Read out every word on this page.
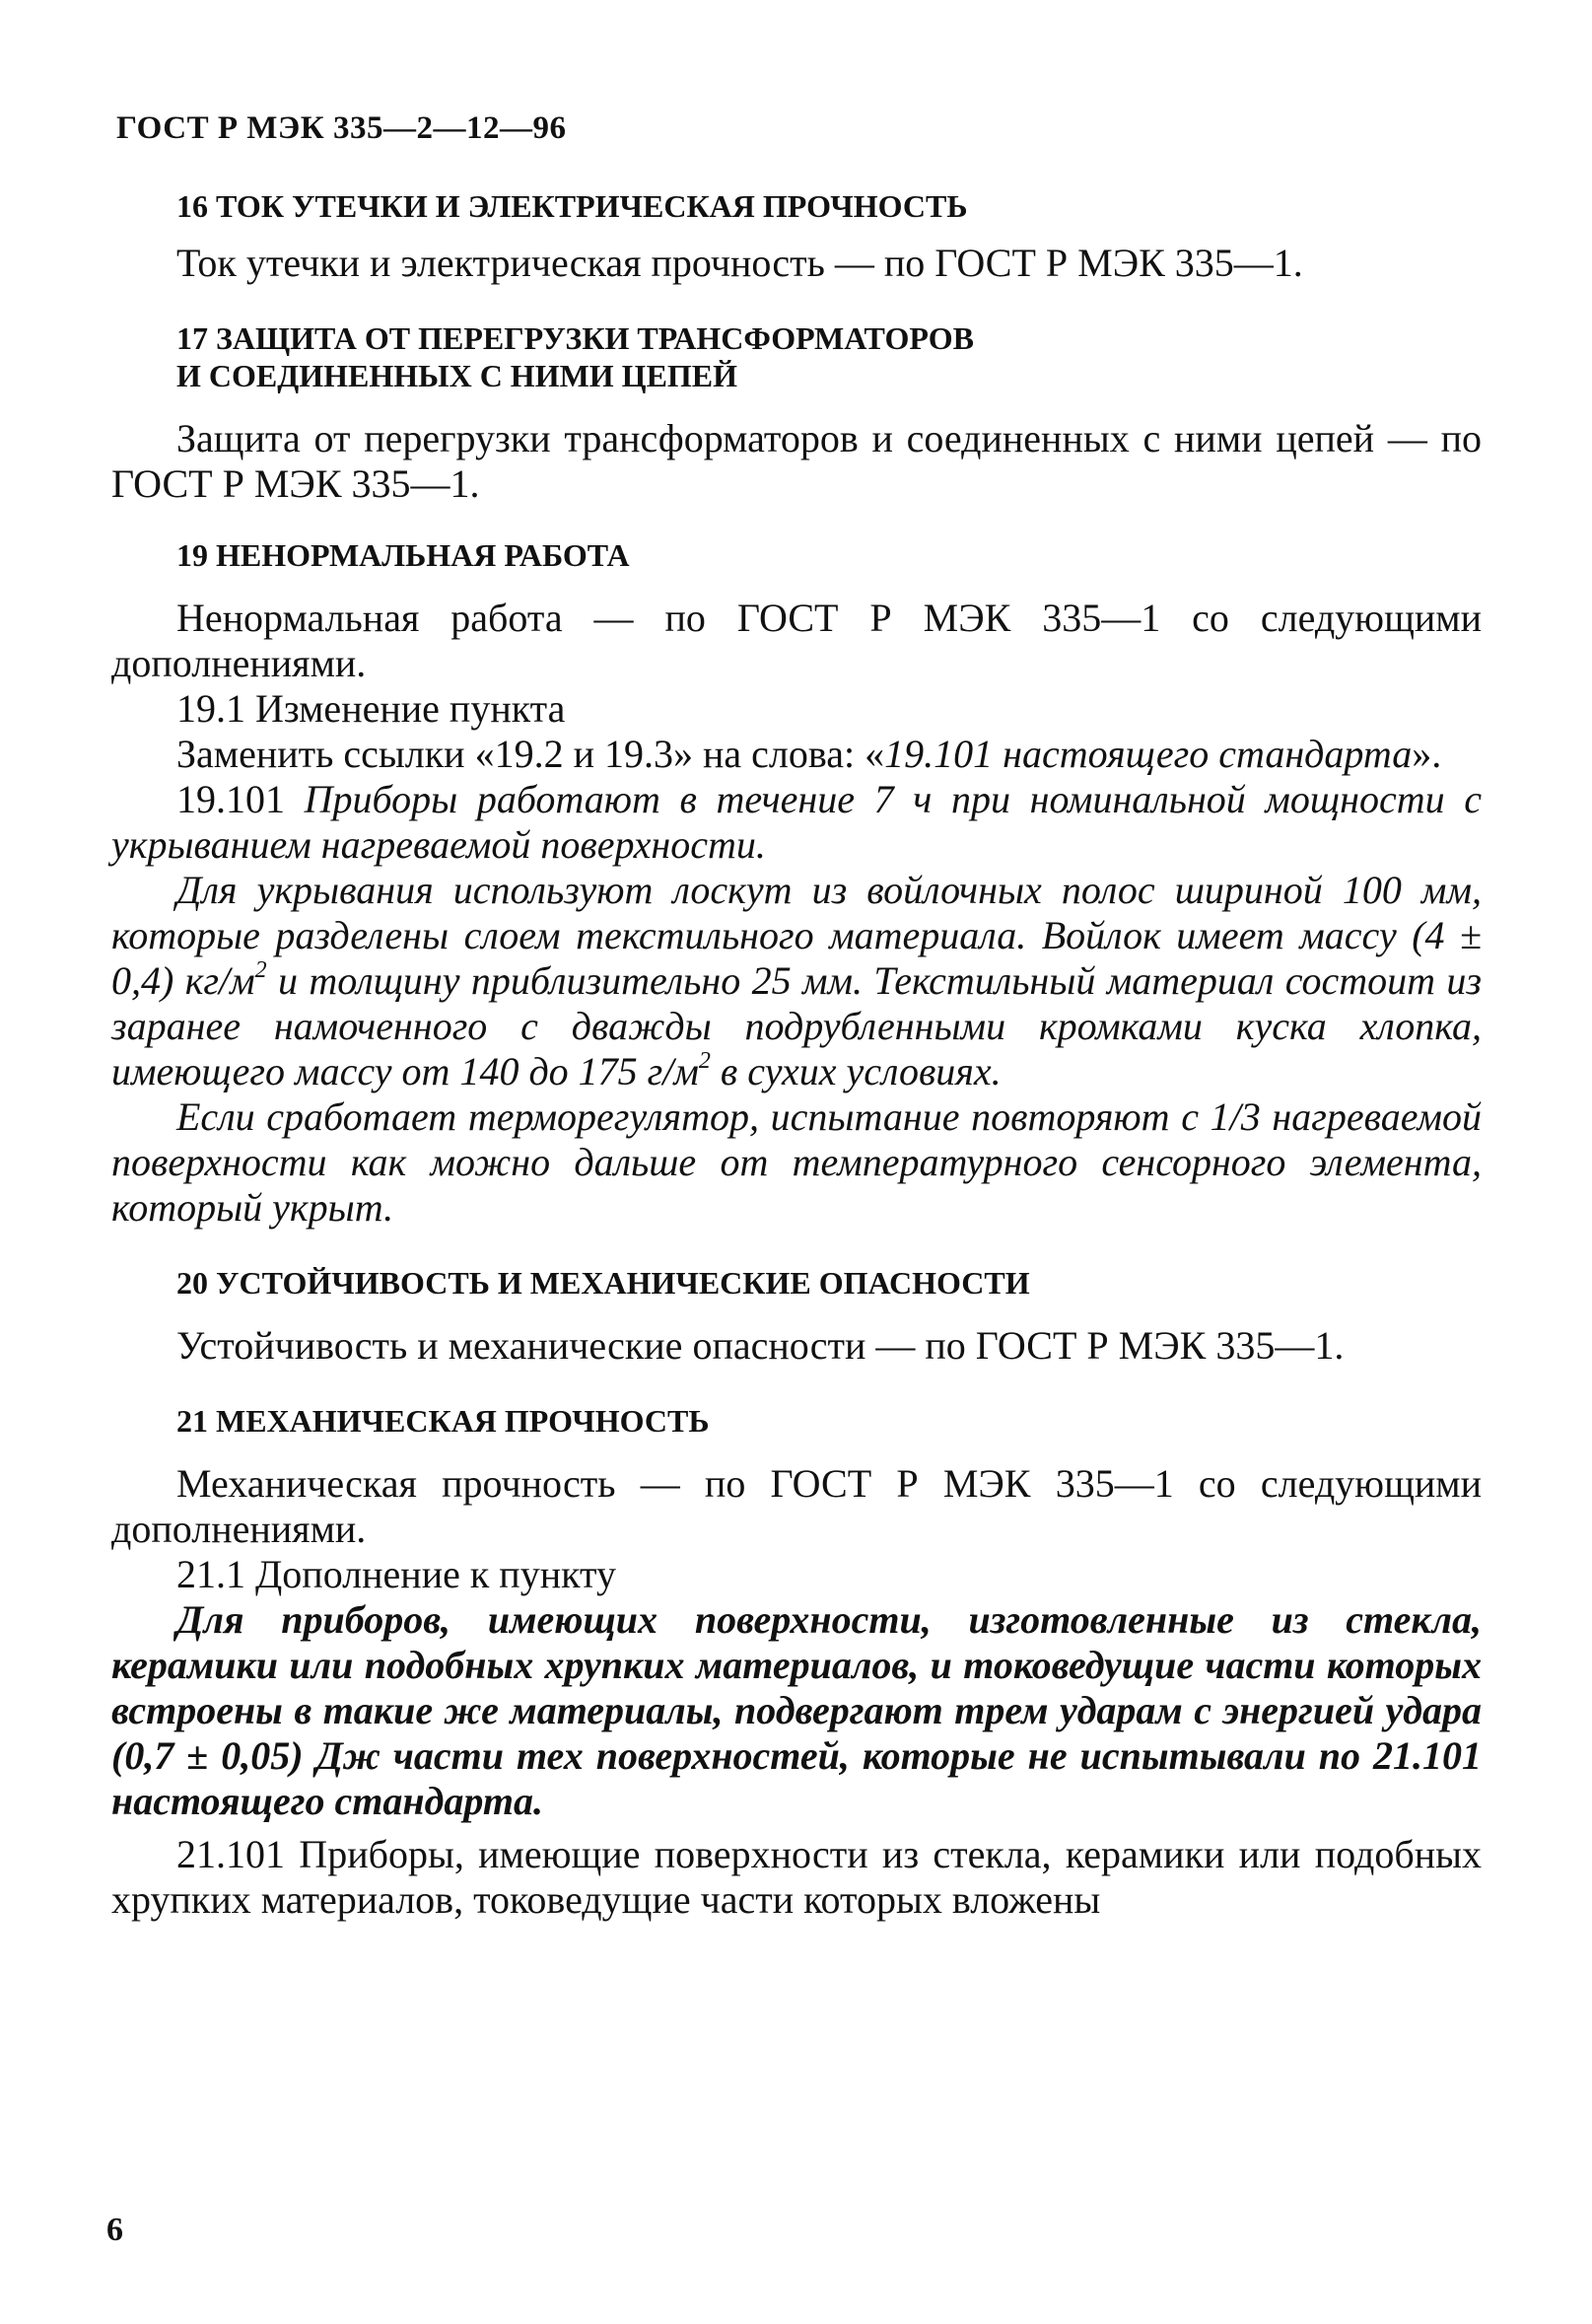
ГОСТ Р МЭК 335—2—12—96
16 ТОК УТЕЧКИ И ЭЛЕКТРИЧЕСКАЯ ПРОЧНОСТЬ

Ток утечки и электрическая прочность — по ГОСТ Р МЭК 335—1.

17 ЗАЩИТА ОТ ПЕРЕГРУЗКИ ТРАНСФОРМАТОРОВ
И СОЕДИНЕННЫХ С НИМИ ЦЕПЕЙ

Защита от перегрузки трансформаторов и соединенных с ними цепей — по ГОСТ Р МЭК 335—1.

19 НЕНОРМАЛЬНАЯ РАБОТА

Ненормальная работа — по ГОСТ Р МЭК 335—1 со следующими дополнениями.

19.1 Изменение пункта

Заменить ссылки «19.2 и 19.3» на слова: «19.101 настоящего стандарта».

19.101 Приборы работают в течение 7 ч при номинальной мощности с укрыванием нагреваемой поверхности.

Для укрывания используют лоскут из войлочных полос шириной 100 мм, которые разделены слоем текстильного материала. Войлок имеет массу (4 ± 0,4) $кг/м^2$ и толщину приблизительно 25 мм. Текстильный материал состоит из заранее намоченного с дважды подрубленными кромками куска хлопка, имеющего массу от 140 до 175 $г/м^2$ в сухих условиях.

Если сработает терморегулятор, испытание повторяют с 1/3 нагреваемой поверхности как можно дальше от температурного сенсорного элемента, который укрыт.

20 УСТОЙЧИВОСТЬ И МЕХАНИЧЕСКИЕ ОПАСНОСТИ

Устойчивость и механические опасности — по ГОСТ Р МЭК 335—1.

21 МЕХАНИЧЕСКАЯ ПРОЧНОСТЬ

Механическая прочность — по ГОСТ Р МЭК 335—1 со следующими дополнениями.

21.1 Дополнение к пункту

Для приборов, имеющих поверхности, изготовленные из стекла, керамики или подобных хрупких материалов, и токоведущие части которых встроены в такие же материалы, подвергают трем ударам с энергией удара (0,7 ± 0,05) Дж части тех поверхностей, которые не испытывали по 21.101 настоящего стандарта.

21.101 Приборы, имеющие поверхности из стекла, керамики или подобных хрупких материалов, токоведущие части которых вложены

6
